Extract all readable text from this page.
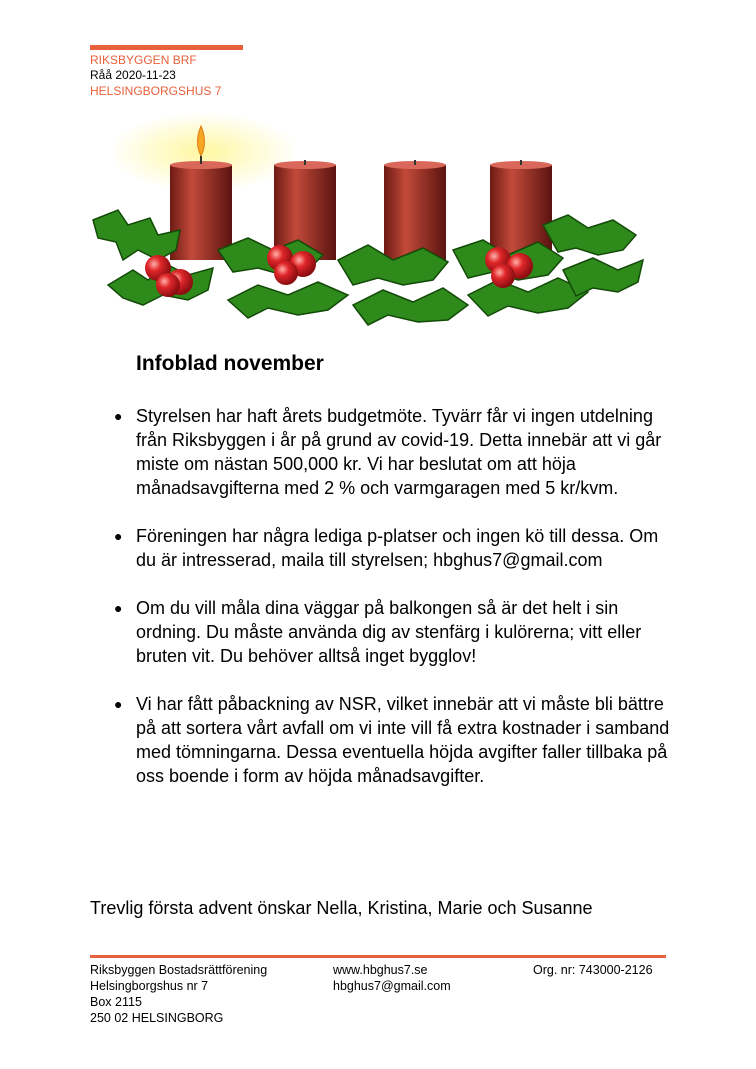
RIKSBYGGEN BRF
Råå 2020-11-23
HELSINGBORGSHUS 7
Infoblad november
● Styrelsen har haft årets budgetmöte. Tyvärr får vi ingen utdelning från Riksbyggen i år på grund av covid-19. Detta innebär att vi går miste om nästan 500,000 kr. Vi har beslutat om att höja månadsavgifterna med 2 % och varmgaragen med 5 kr/kvm.
● Föreningen har några lediga p-platser och ingen kö till dessa. Om du är intresserad, maila till styrelsen; hbghus7@gmail.com
● Om du vill måla dina väggar på balkongen så är det helt i sin ordning. Du måste använda dig av stenfärg i kulörerna; vitt eller bruten vit. Du behöver alltså inget bygglov!
● Vi har fått påbackning av NSR, vilket innebär att vi måste bli bättre på att sortera vårt avfall om vi inte vill få extra kostnader i samband med tömningarna. Dessa eventuella höjda avgifter faller tillbaka på oss boende i form av höjda månadsavgifter.

Trevlig första advent önskar Nella, Kristina, Marie och Susanne

Riksbyggen Bostadsrättförening
Helsingborgshus nr 7
Box 2115
250 02 HELSINGBORG
www.hbghus7.se
hbghus7@gmail.com
Org. nr: 743000-2126
